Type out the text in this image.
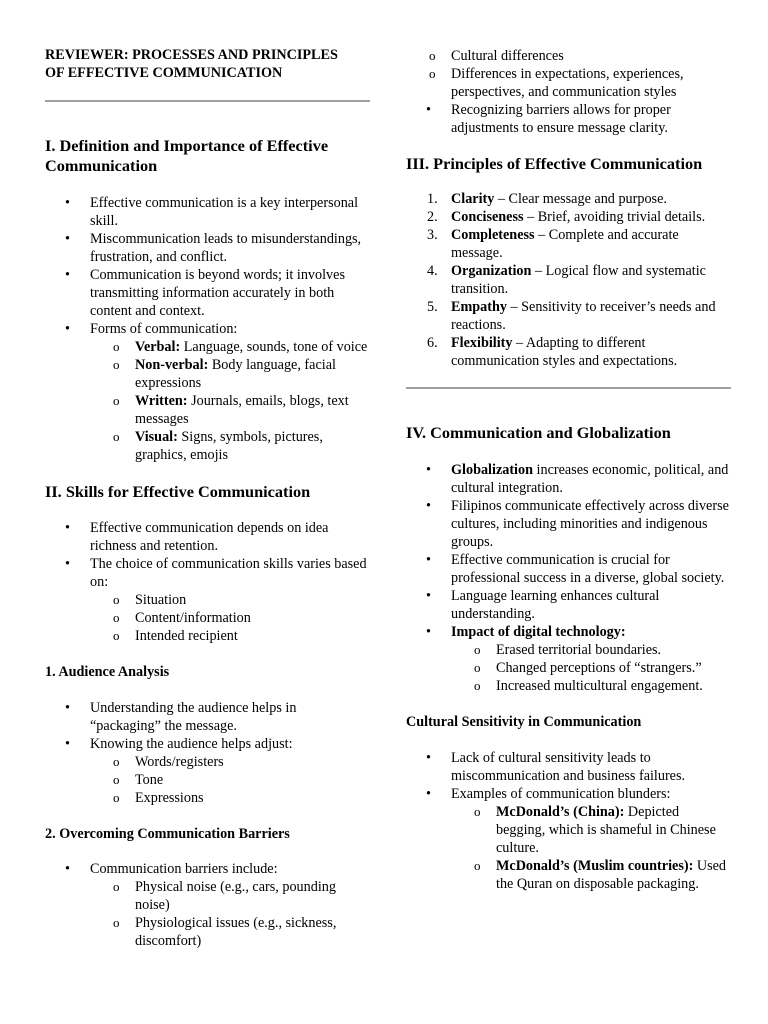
REVIEWER: PROCESSES AND PRINCIPLES
OF EFFECTIVE COMMUNICATION

I. Definition and Importance of Effective Communication
• Effective communication is a key interpersonal skill.
• Miscommunication leads to misunderstandings, frustration, and conflict.
• Communication is beyond words; it involves transmitting information accurately in both content and context.
• Forms of communication:
o Verbal: Language, sounds, tone of voice
o Non-verbal: Body language, facial expressions
o Written: Journals, emails, blogs, text messages
o Visual: Signs, symbols, pictures, graphics, emojis
II. Skills for Effective Communication
• Effective communication depends on idea richness and retention.
• The choice of communication skills varies based on:
o Situation
o Content/information
o Intended recipient
1. Audience Analysis
• Understanding the audience helps in “packaging” the message.
• Knowing the audience helps adjust:
o Words/registers
o Tone
o Expressions
2. Overcoming Communication Barriers
• Communication barriers include:
o Physical noise (e.g., cars, pounding noise)
o Physiological issues (e.g., sickness, discomfort)
o Cultural differences
o Differences in expectations, experiences, perspectives, and communication styles
• Recognizing barriers allows for proper adjustments to ensure message clarity.
III. Principles of Effective Communication
1. Clarity – Clear message and purpose.
2. Conciseness – Brief, avoiding trivial details.
3. Completeness – Complete and accurate message.
4. Organization – Logical flow and systematic transition.
5. Empathy – Sensitivity to receiver’s needs and reactions.
6. Flexibility – Adapting to different communication styles and expectations.
IV. Communication and Globalization
• Globalization increases economic, political, and cultural integration.
• Filipinos communicate effectively across diverse cultures, including minorities and indigenous groups.
• Effective communication is crucial for professional success in a diverse, global society.
• Language learning enhances cultural understanding.
• Impact of digital technology:
o Erased territorial boundaries.
o Changed perceptions of “strangers.”
o Increased multicultural engagement.
Cultural Sensitivity in Communication
• Lack of cultural sensitivity leads to miscommunication and business failures.
• Examples of communication blunders:
o McDonald’s (China): Depicted begging, which is shameful in Chinese culture.
o McDonald’s (Muslim countries): Used the Quran on disposable packaging.
